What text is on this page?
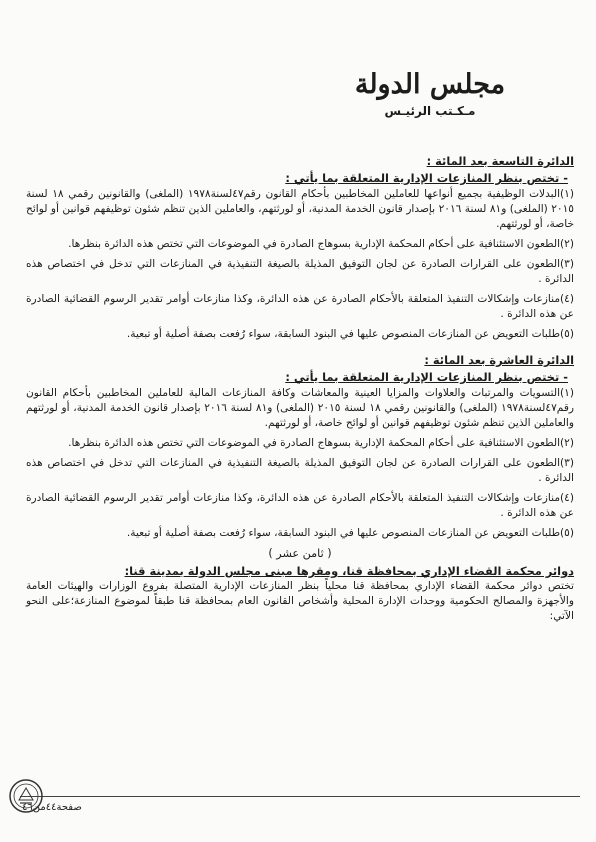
مجلس الدولة
مـكـتب الرئيـس

الدائرة التاسعة بعد المائة :

- تختص بنظر المنازعات الإدارية المتعلقة بما يأتي :

(١)البدلات الوظيفية بجميع أنواعها للعاملين المخاطبين بأحكام القانون رقم٤٧لسنة١٩٧٨ (الملغى) والقانونين رقمي ١٨ لسنة ٢٠١٥ (الملغى) و٨١ لسنة ٢٠١٦ بإصدار قانون الخدمة المدنية، أو لورثتهم، والعاملين الذين تنظم شئون توظيفهم قوانين أو لوائح خاصة، أو لورثتهم.

(٢)الطعون الاستئنافية على أحكام المحكمة الإدارية بسوهاج الصادرة في الموضوعات التي تختص هذه الدائرة بنظرها.

(٣)الطعون على القرارات الصادرة عن لجان التوفيق المذيلة بالصيغة التنفيذية في المنازعات التي تدخل في اختصاص هذه الدائرة .

(٤)منازعات وإشكالات التنفيذ المتعلقة بالأحكام الصادرة عن هذه الدائرة، وكذا منازعات أوامر تقدير الرسوم القضائية الصادرة عن هذه الدائرة .

(٥)طلبات التعويض عن المنازعات المنصوص عليها في البنود السابقة، سواء رُفعت بصفة أصلية أو تبعية.

الدائرة العاشرة بعد المائة :

- تختص بنظر المنازعات الإدارية المتعلقة بما يأتي :

(١)التسويات والمرتبات والعلاوات والمزايا العينية والمعاشات وكافة المنازعات المالية للعاملين المخاطبين بأحكام القانون رقم٤٧لسنة١٩٧٨ (الملغى) والقانونين رقمي ١٨ لسنة ٢٠١٥ (الملغى) و٨١ لسنة ٢٠١٦ بإصدار قانون الخدمة المدنية، أو لورثتهم والعاملين الذين تنظم شئون توظيفهم قوانين أو لوائح خاصة، أو لورثتهم.

(٢)الطعون الاستئنافية على أحكام المحكمة الإدارية بسوهاج الصادرة في الموضوعات التي تختص هذه الدائرة بنظرها.

(٣)الطعون على القرارات الصادرة عن لجان التوفيق المذيلة بالصيغة التنفيذية في المنازعات التي تدخل في اختصاص هذه الدائرة .

(٤)منازعات وإشكالات التنفيذ المتعلقة بالأحكام الصادرة عن هذه الدائرة، وكذا منازعات أوامر تقدير الرسوم القضائية الصادرة عن هذه الدائرة .

(٥)طلبات التعويض عن المنازعات المنصوص عليها في البنود السابقة، سواء رُفعت بصفة أصلية أو تبعية.

( ثامن عشر )

دوائر محكمة القضاء الإداري بمحافظة قنا، ومقرها مبنى مجلس الدولة بمدينة قنا:

تختص دوائر محكمة القضاء الإداري بمحافظة قنا محلياً بنظر المنازعات الإدارية المتصلة بفروع الوزارات والهيئات العامة والأجهزة والمصالح الحكومية ووحدات الإدارة المحلية وأشخاص القانون العام بمحافظة قنا طبقاً لموضوع المنازعة؛على النحو الآتي:

صفحة٤٤من٤٦
